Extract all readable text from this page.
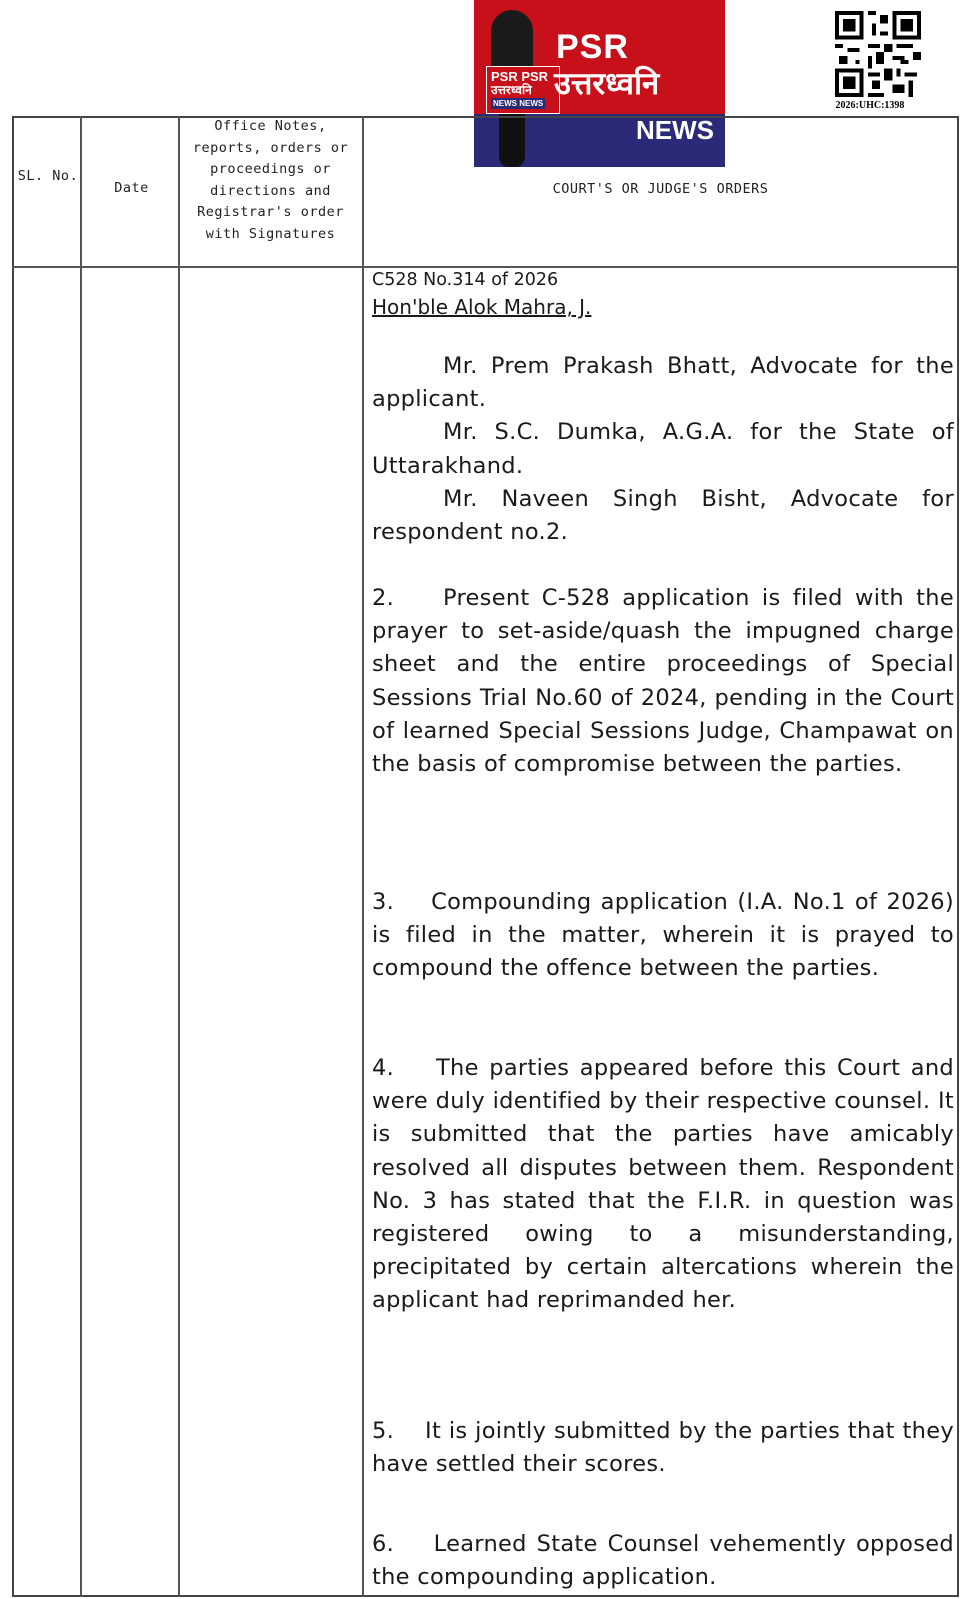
PSR PSR
उत्तरध्वनि
NEWS NEWS
PSR
उत्तरध्वनि
NEWS
2026:UHC:1398
SL. No.
Date
Office Notes, reports, orders or proceedings or directions and Registrar's order with Signatures
COURT'S OR JUDGE'S ORDERS
C528 No.314 of 2026
Hon'ble Alok Mahra, J.

Mr. Prem Prakash Bhatt, Advocate for the applicant.

Mr. S.C. Dumka, A.G.A. for the State of Uttarakhand.

Mr. Naveen Singh Bisht, Advocate for respondent no.2.

2.    Present C-528 application is filed with the prayer to set-aside/quash the impugned charge sheet and the entire proceedings of Special Sessions Trial No.60 of 2024, pending in the Court of learned Special Sessions Judge, Champawat on the basis of compromise between the parties.

3.    Compounding application (I.A. No.1 of 2026) is filed in the matter, wherein it is prayed to compound the offence between the parties.

4.    The parties appeared before this Court and were duly identified by their respective counsel. It is submitted that the parties have amicably resolved all disputes between them. Respondent No. 3 has stated that the F.I.R. in question was registered owing to a misunderstanding, precipitated by certain altercations wherein the applicant had reprimanded her.

5.    It is jointly submitted by the parties that they have settled their scores.

6.    Learned State Counsel vehemently opposed the compounding application.
